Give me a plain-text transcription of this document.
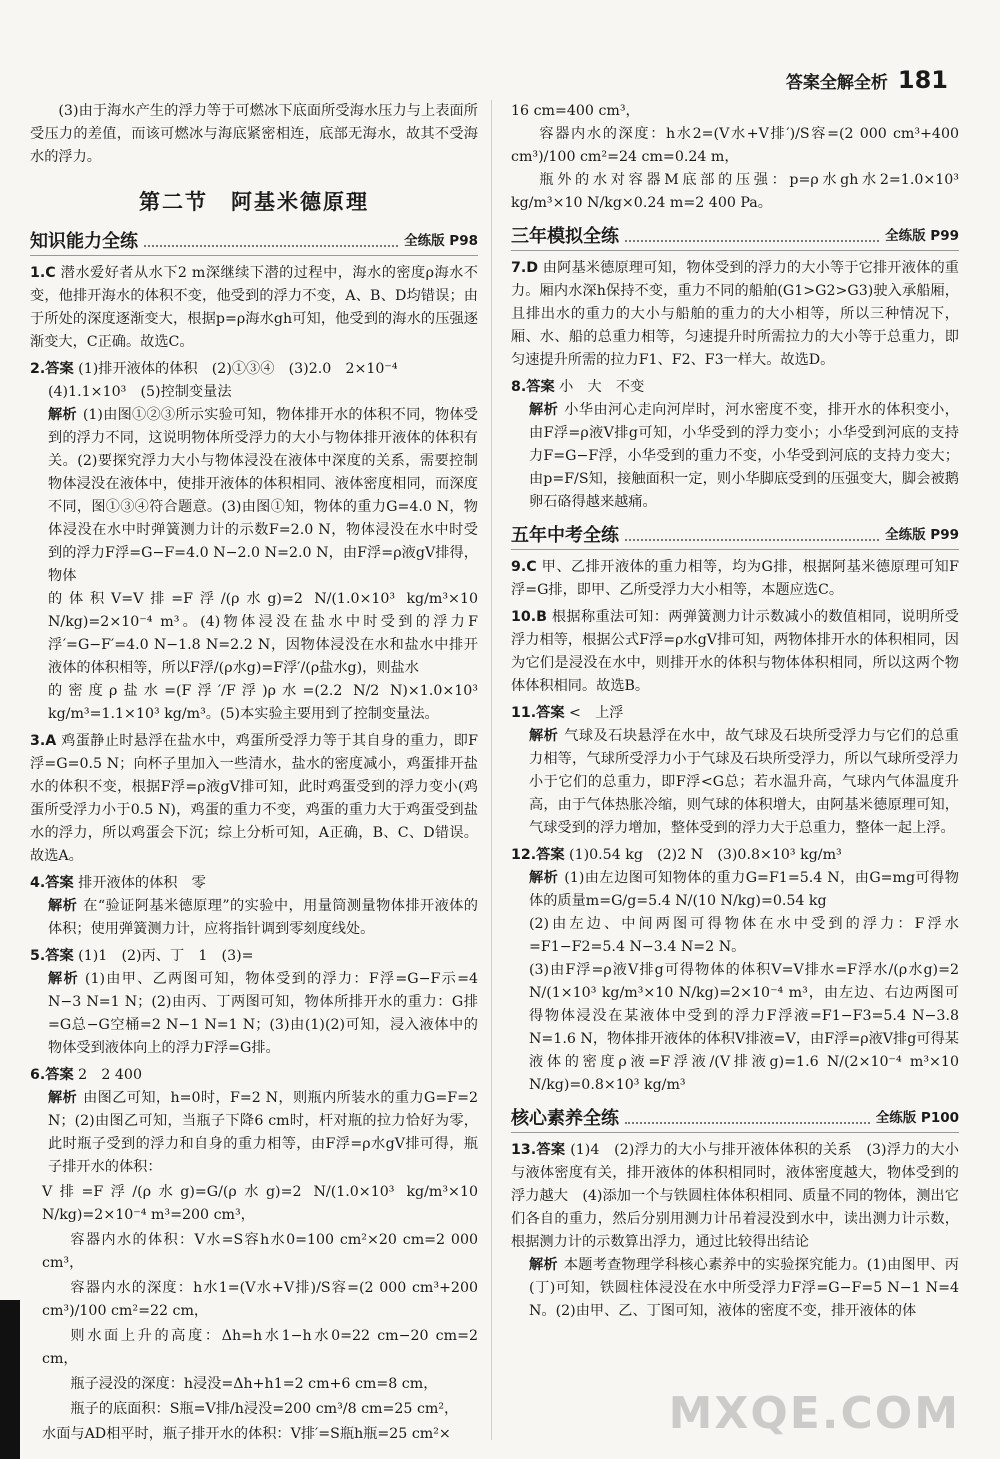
答案全解全析 181

(3)由于海水产生的浮力等于可燃冰下底面所受海水压力与上表面所受压力的差值，而该可燃冰与海底紧密相连，底部无海水，故其不受海水的浮力。

第二节　阿基米德原理
知识能力全练	全练版 P98

1.C 潜水爱好者从水下2 m深继续下潜的过程中，海水的密度ρ海水不变，他排开海水的体积不变，他受到的浮力不变，A、B、D均错误；由于所处的深度逐渐变大，根据p=ρ海水gh可知，他受到的海水的压强逐渐变大，C正确。故选C。

2.答案 (1)排开液体的体积　(2)①③④　(3)2.0　2×10⁻⁴

(4)1.1×10³　(5)控制变量法

解析 (1)由图①②③所示实验可知，物体排开水的体积不同，物体受到的浮力不同，这说明物体所受浮力的大小与物体排开液体的体积有关。(2)要探究浮力大小与物体浸没在液体中深度的关系，需要控制物体浸没在液体中，使排开液体的体积相同、液体密度相同，而深度不同，图①③④符合题意。(3)由图①知，物体的重力G=4.0 N，物体浸没在水中时弹簧测力计的示数F=2.0 N，物体浸没在水中时受到的浮力F浮=G−F=4.0 N−2.0 N=2.0 N，由F浮=ρ液gV排得，物体

的体积V=V排=F浮/(ρ水g)=2 N/(1.0×10³ kg/m³×10 N/kg)=2×10⁻⁴ m³。(4)物体浸没在盐水中时受到的浮力F浮′=G−F′=4.0 N−1.8 N=2.2 N，因物体浸没在水和盐水中排开液体的体积相等，所以F浮/(ρ水g)=F浮′/(ρ盐水g)，则盐水

的密度ρ盐水=(F浮′/F浮)ρ水=(2.2 N/2 N)×1.0×10³ kg/m³=1.1×10³ kg/m³。(5)本实验主要用到了控制变量法。

3.A 鸡蛋静止时悬浮在盐水中，鸡蛋所受浮力等于其自身的重力，即F浮=G=0.5 N；向杯子里加入一些清水，盐水的密度减小，鸡蛋排开盐水的体积不变，根据F浮=ρ液gV排可知，此时鸡蛋受到的浮力变小(鸡蛋所受浮力小于0.5 N)，鸡蛋的重力不变，鸡蛋的重力大于鸡蛋受到盐水的浮力，所以鸡蛋会下沉；综上分析可知，A正确，B、C、D错误。故选A。

4.答案 排开液体的体积　零

解析 在“验证阿基米德原理”的实验中，用量筒测量物体排开液体的体积；使用弹簧测力计，应将指针调到零刻度线处。

5.答案 (1)1　(2)丙、丁　1　(3)=

解析 (1)由甲、乙两图可知，物体受到的浮力：F浮=G−F示=4 N−3 N=1 N；(2)由丙、丁两图可知，物体所排开水的重力：G排=G总−G空桶=2 N−1 N=1 N；(3)由(1)(2)可知，浸入液体中的物体受到液体向上的浮力F浮=G排。

6.答案 2　2 400

解析 由图乙可知，h=0时，F=2 N，则瓶内所装水的重力G=F=2 N；(2)由图乙可知，当瓶子下降6 cm时，杆对瓶的拉力恰好为零，此时瓶子受到的浮力和自身的重力相等，由F浮=ρ水gV排可得，瓶子排开水的体积：

V排=F浮/(ρ水g)=G/(ρ水g)=2 N/(1.0×10³ kg/m³×10 N/kg)=2×10⁻⁴ m³=200 cm³，

容器内水的体积：V水=S容h水0=100 cm²×20 cm=2 000 cm³，

容器内水的深度：h水1=(V水+V排)/S容=(2 000 cm³+200 cm³)/100 cm²=22 cm，

则水面上升的高度：Δh=h水1−h水0=22 cm−20 cm=2 cm，

瓶子浸没的深度：h浸没=Δh+h1=2 cm+6 cm=8 cm，

瓶子的底面积：S瓶=V排/h浸没=200 cm³/8 cm=25 cm²，

水面与AD相平时，瓶子排开水的体积：V排′=S瓶h瓶=25 cm²×

16 cm=400 cm³，

容器内水的深度：h水2=(V水+V排′)/S容=(2 000 cm³+400 cm³)/100 cm²=24 cm=0.24 m，

瓶外的水对容器M底部的压强：p=ρ水gh水2=1.0×10³ kg/m³×10 N/kg×0.24 m=2 400 Pa。

三年模拟全练	全练版 P99

7.D 由阿基米德原理可知，物体受到的浮力的大小等于它排开液体的重力。厢内水深h保持不变，重力不同的船舶(G1>G2>G3)驶入承船厢，且排出水的重力的大小与船舶的重力的大小相等，所以三种情况下，厢、水、船的总重力相等，匀速提升时所需拉力的大小等于总重力，即匀速提升所需的拉力F1、F2、F3一样大。故选D。

8.答案 小　大　不变

解析 小华由河心走向河岸时，河水密度不变，排开水的体积变小，由F浮=ρ液V排g可知，小华受到的浮力变小；小华受到河底的支持力F=G−F浮，小华受到的重力不变，小华受到河底的支持力变大；由p=F/S知，接触面积一定，则小华脚底受到的压强变大，脚会被鹅卵石硌得越来越痛。

五年中考全练	全练版 P99

9.C 甲、乙排开液体的重力相等，均为G排，根据阿基米德原理可知F浮=G排，即甲、乙所受浮力大小相等，本题应选C。

10.B 根据称重法可知：两弹簧测力计示数减小的数值相同，说明所受浮力相等，根据公式F浮=ρ水gV排可知，两物体排开水的体积相同，因为它们是浸没在水中，则排开水的体积与物体体积相同，所以这两个物体体积相同。故选B。

11.答案 <　上浮

解析 气球及石块悬浮在水中，故气球及石块所受浮力与它们的总重力相等，气球所受浮力小于气球及石块所受浮力，所以气球所受浮力小于它们的总重力，即F浮<G总；若水温升高，气球内气体温度升高，由于气体热胀冷缩，则气球的体积增大，由阿基米德原理可知，气球受到的浮力增加，整体受到的浮力大于总重力，整体一起上浮。

12.答案 (1)0.54 kg　(2)2 N　(3)0.8×10³ kg/m³

解析 (1)由左边图可知物体的重力G=F1=5.4 N，由G=mg可得物体的质量m=G/g=5.4 N/(10 N/kg)=0.54 kg

(2)由左边、中间两图可得物体在水中受到的浮力：F浮水=F1−F2=5.4 N−3.4 N=2 N。

(3)由F浮=ρ液V排g可得物体的体积V=V排水=F浮水/(ρ水g)=2 N/(1×10³ kg/m³×10 N/kg)=2×10⁻⁴ m³，由左边、右边两图可得物体浸没在某液体中受到的浮力F浮液=F1−F3=5.4 N−3.8 N=1.6 N，物体排开液体的体积V排液=V，由F浮=ρ液V排g可得某液体的密度ρ液=F浮液/(V排液g)=1.6 N/(2×10⁻⁴ m³×10 N/kg)=0.8×10³ kg/m³

核心素养全练	全练版 P100

13.答案 (1)4　(2)浮力的大小与排开液体体积的关系　(3)浮力的大小与液体密度有关，排开液体的体积相同时，液体密度越大，物体受到的浮力越大　(4)添加一个与铁圆柱体体积相同、质量不同的物体，测出它们各自的重力，然后分别用测力计吊着浸没到水中，读出测力计示数，根据测力计的示数算出浮力，通过比较得出结论

解析 本题考查物理学科核心素养中的实验探究能力。(1)由图甲、丙(丁)可知，铁圆柱体浸没在水中所受浮力F浮=G−F=5 N−1 N=4 N。(2)由甲、乙、丁图可知，液体的密度不变，排开液体的体

MXQE.COM
